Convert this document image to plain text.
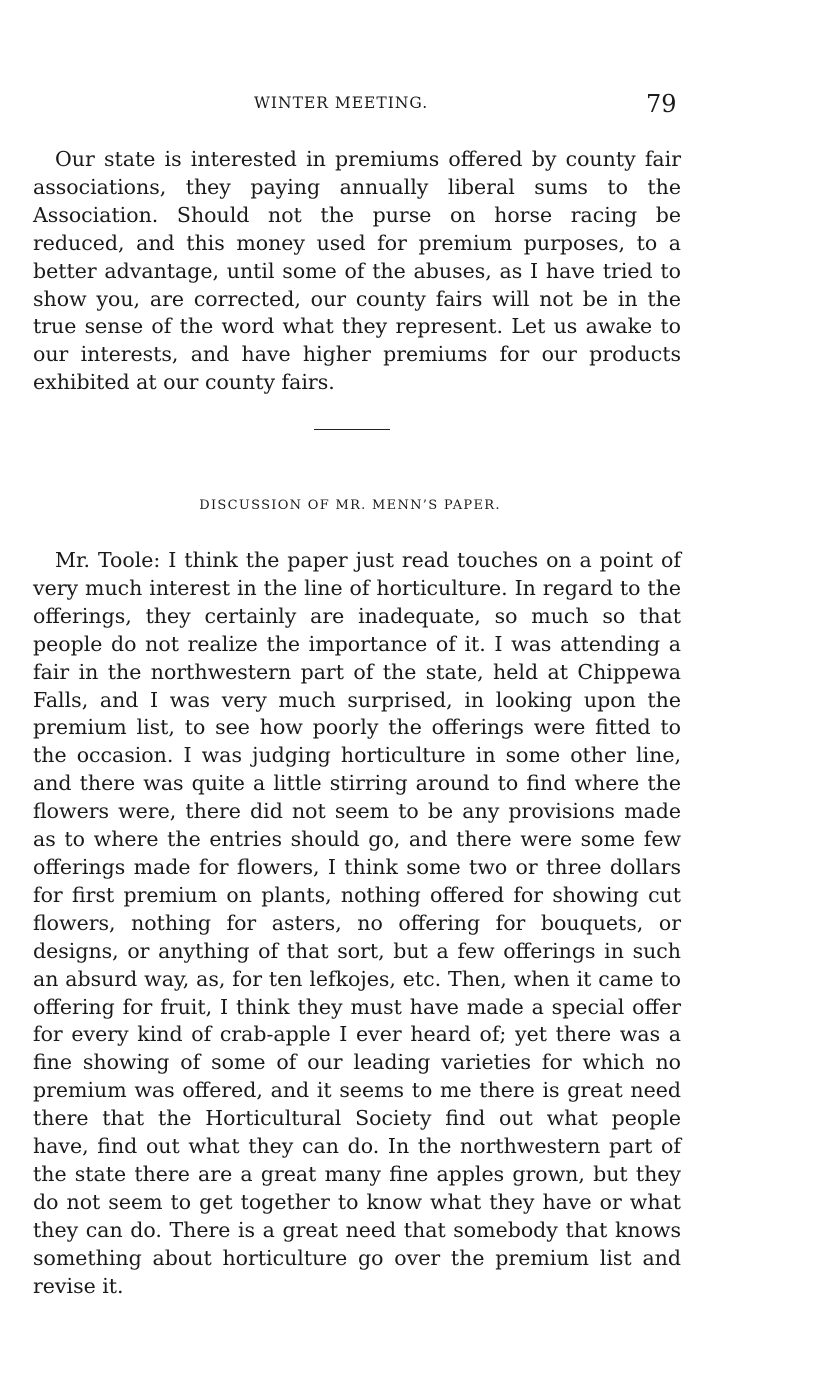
WINTER MEETING.	79

Our state is interested in premiums offered by county fair associations, they paying annually liberal sums to the Association. Should not the purse on horse racing be reduced, and this money used for premium purposes, to a better advantage, until some of the abuses, as I have tried to show you, are corrected, our county fairs will not be in the true sense of the word what they represent. Let us awake to our interests, and have higher premiums for our products exhibited at our county fairs.

DISCUSSION OF MR. MENN’S PAPER.

Mr. Toole: I think the paper just read touches on a point of very much interest in the line of horticulture. In regard to the offerings, they certainly are inadequate, so much so that people do not realize the importance of it. I was attending a fair in the northwestern part of the state, held at Chippewa Falls, and I was very much surprised, in looking upon the premium list, to see how poorly the offerings were fitted to the occasion. I was judging horticulture in some other line, and there was quite a little stirring around to find where the flowers were, there did not seem to be any provisions made as to where the entries should go, and there were some few offerings made for flowers, I think some two or three dollars for first premium on plants, nothing offered for showing cut flowers, nothing for asters, no offering for bouquets, or designs, or anything of that sort, but a few offerings in such an absurd way, as, for ten lefkojes, etc. Then, when it came to offering for fruit, I think they must have made a special offer for every kind of crab-apple I ever heard of; yet there was a fine showing of some of our leading varieties for which no premium was offered, and it seems to me there is great need there that the Horticultural Society find out what people have, find out what they can do. In the northwestern part of the state there are a great many fine apples grown, but they do not seem to get together to know what they have or what they can do. There is a great need that somebody that knows something about horticulture go over the premium list and revise it.
